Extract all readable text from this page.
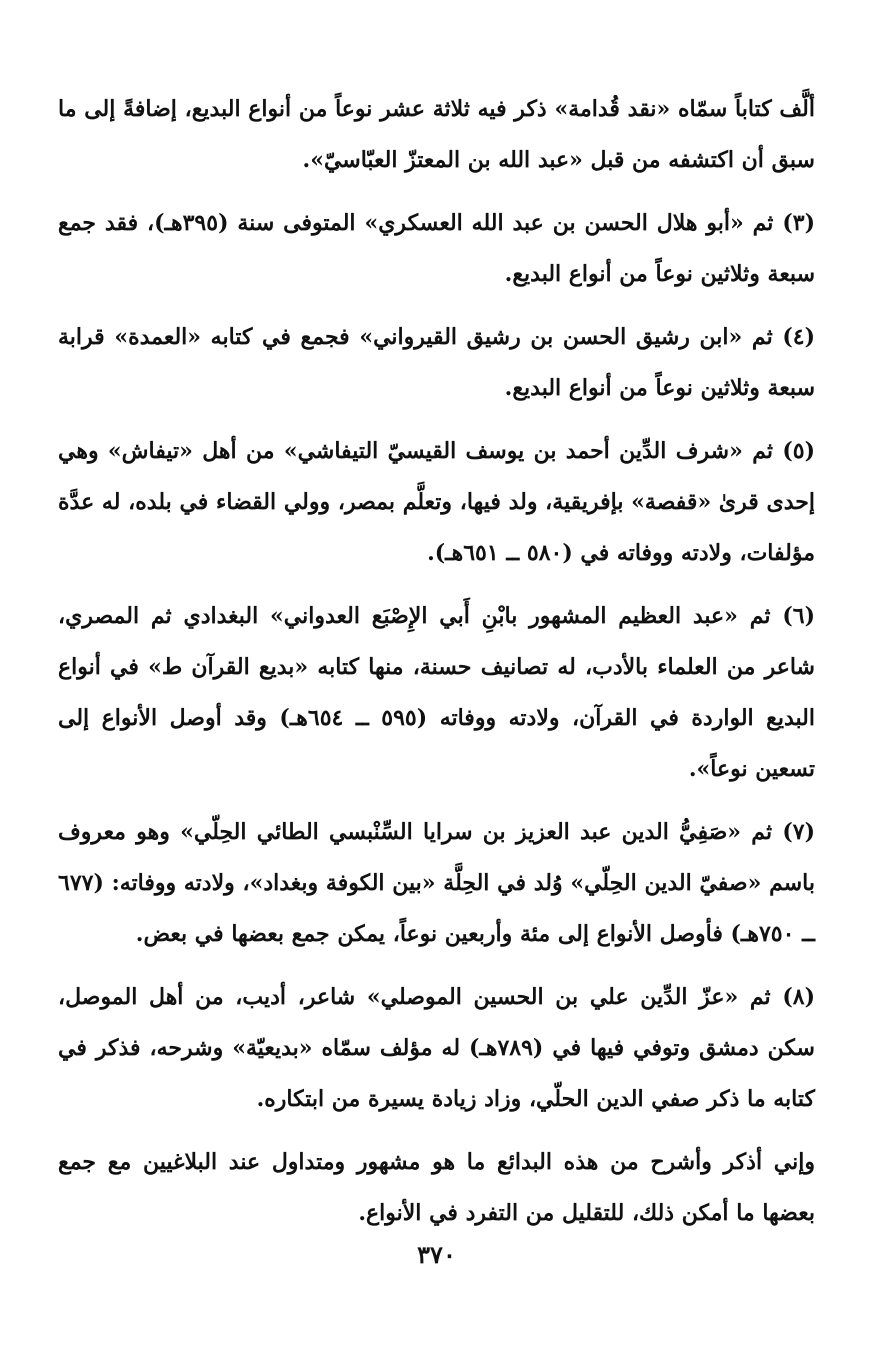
ألَّف كتاباً سمّاه «نقد قُدامة» ذكر فيه ثلاثة عشر نوعاً من أنواع البديع، إضافةً إلى ما سبق أن اكتشفه من قبل «عبد الله بن المعتزّ العبّاسيّ».

(٣) ثم «أبو هلال الحسن بن عبد الله العسكري» المتوفى سنة (٣٩٥هـ)، فقد جمع سبعة وثلاثين نوعاً من أنواع البديع.

(٤) ثم «ابن رشيق الحسن بن رشيق القيرواني» فجمع في كتابه «العمدة» قرابة سبعة وثلاثين نوعاً من أنواع البديع.

(٥) ثم «شرف الدِّين أحمد بن يوسف القيسيّ التيفاشي» من أهل «تيفاش» وهي إحدى قرىٰ «قفصة» بإفريقية، ولد فيها، وتعلَّم بمصر، وولي القضاء في بلده، له عدَّة مؤلفات، ولادته ووفاته في (٥٨٠ ــ ٦٥١هـ).

(٦) ثم «عبد العظيم المشهور بابْنِ أَبي الإِصْبَع العدواني» البغدادي ثم المصري، شاعر من العلماء بالأدب، له تصانيف حسنة، منها كتابه «بديع القرآن ط» في أنواع البديع الواردة في القرآن، ولادته ووفاته (٥٩٥ ــ ٦٥٤هـ) وقد أوصل الأنواع إلى تسعين نوعاً».

(٧) ثم «صَفِيُّ الدين عبد العزيز بن سرايا السِّنْبسي الطائي الحِلّي» وهو معروف باسم «صفيّ الدين الحِلّي» وُلد في الحِلَّة «بين الكوفة وبغداد»، ولادته ووفاته: (٦٧٧ ــ ٧٥٠هـ) فأوصل الأنواع إلى مئة وأربعين نوعاً، يمكن جمع بعضها في بعض.

(٨) ثم «عزّ الدِّين علي بن الحسين الموصلي» شاعر، أديب، من أهل الموصل، سكن دمشق وتوفي فيها في (٧٨٩هـ) له مؤلف سمّاه «بديعيّة» وشرحه، فذكر في كتابه ما ذكر صفي الدين الحلّي، وزاد زيادة يسيرة من ابتكاره.

وإني أذكر وأشرح من هذه البدائع ما هو مشهور ومتداول عند البلاغيين مع جمع بعضها ما أمكن ذلك، للتقليل من التفرد في الأنواع.

٣٧٠
